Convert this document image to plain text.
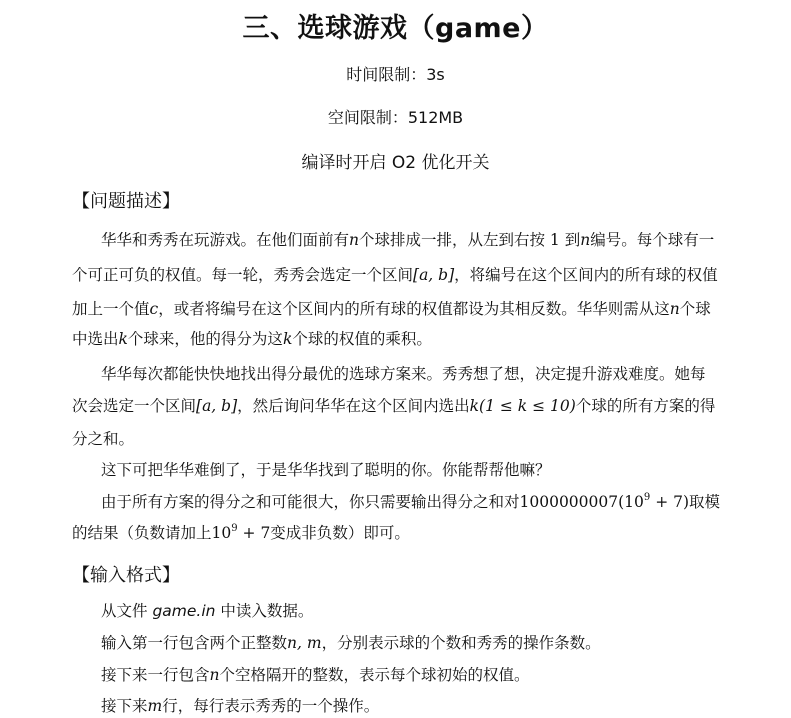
三、选球游戏（game）
时间限制：3s
空间限制：512MB
编译时开启 O2 优化开关
【问题描述】
华华和秀秀在玩游戏。在他们面前有n个球排成一排，从左到右按 1 到n编号。每个球有一
个可正可负的权值。每一轮，秀秀会选定一个区间[a, b]，将编号在这个区间内的所有球的权值
加上一个值c，或者将编号在这个区间内的所有球的权值都设为其相反数。华华则需从这n个球
中选出k个球来，他的得分为这k个球的权值的乘积。
华华每次都能快快地找出得分最优的选球方案来。秀秀想了想，决定提升游戏难度。她每
次会选定一个区间[a, b]，然后询问华华在这个区间内选出k(1 ≤ k ≤ 10)个球的所有方案的得
分之和。
这下可把华华难倒了，于是华华找到了聪明的你。你能帮帮他嘛？
由于所有方案的得分之和可能很大，你只需要输出得分之和对$1000000007(10^9 + 7)$取模
的结果（负数请加上$10^9 + 7$变成非负数）即可。
【输入格式】
从文件 game.in 中读入数据。
输入第一行包含两个正整数n, m，分别表示球的个数和秀秀的操作条数。
接下来一行包含n个空格隔开的整数，表示每个球初始的权值。
接下来m行，每行表示秀秀的一个操作。
